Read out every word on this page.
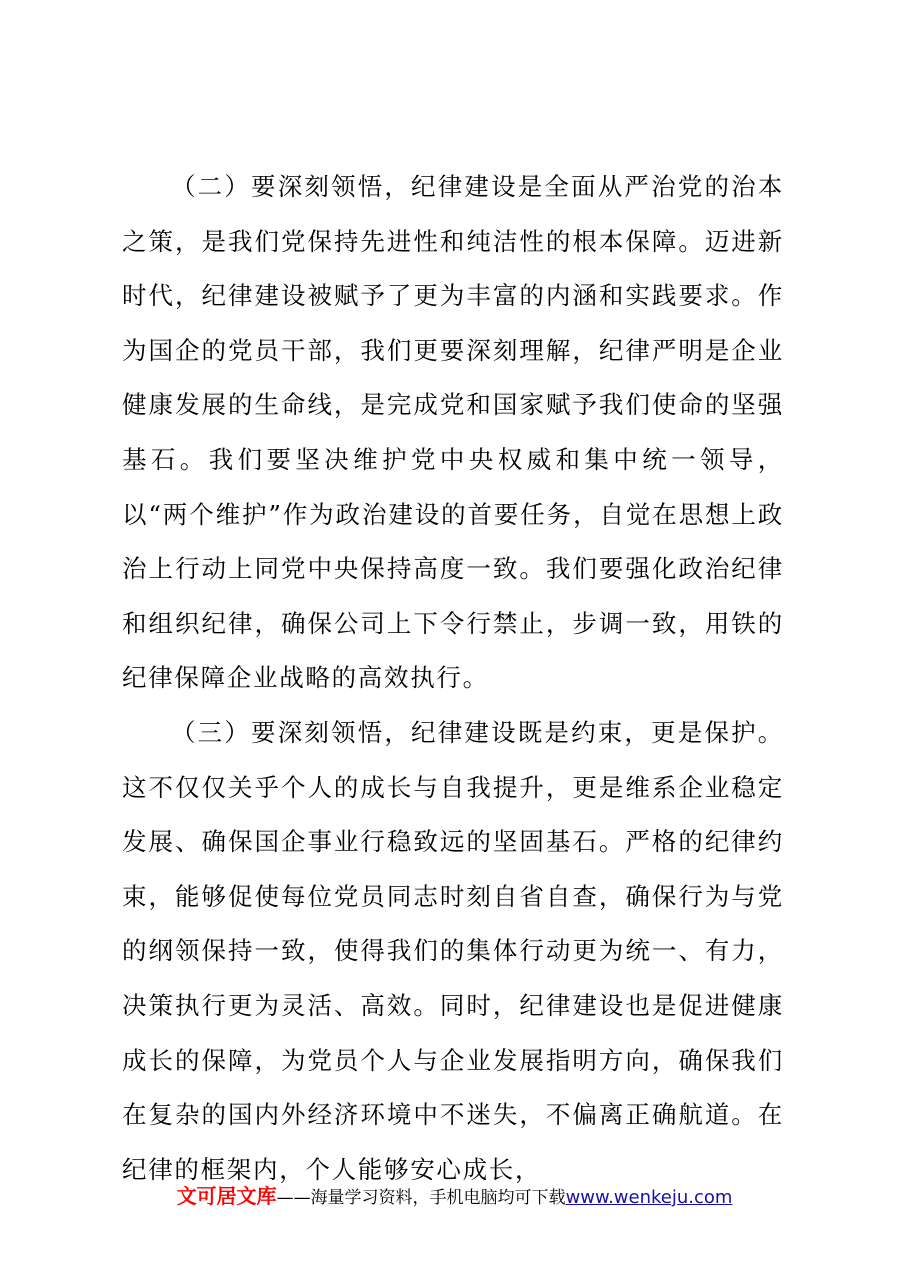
（二）要深刻领悟，纪律建设是全面从严治党的治本之策，是我们党保持先进性和纯洁性的根本保障。迈进新时代，纪律建设被赋予了更为丰富的内涵和实践要求。作为国企的党员干部，我们更要深刻理解，纪律严明是企业健康发展的生命线，是完成党和国家赋予我们使命的坚强基石。我们要坚决维护党中央权威和集中统一领导，以“两个维护”作为政治建设的首要任务，自觉在思想上政治上行动上同党中央保持高度一致。我们要强化政治纪律和组织纪律，确保公司上下令行禁止，步调一致，用铁的纪律保障企业战略的高效执行。

（三）要深刻领悟，纪律建设既是约束，更是保护。这不仅仅关乎个人的成长与自我提升，更是维系企业稳定发展、确保国企事业行稳致远的坚固基石。严格的纪律约束，能够促使每位党员同志时刻自省自查，确保行为与党的纲领保持一致，使得我们的集体行动更为统一、有力，决策执行更为灵活、高效。同时，纪律建设也是促进健康成长的保障，为党员个人与企业发展指明方向，确保我们在复杂的国内外经济环境中不迷失，不偏离正确航道。在纪律的框架内，个人能够安心成长，

文可居文库——海量学习资料，手机电脑均可下载www.wenkeju.com
